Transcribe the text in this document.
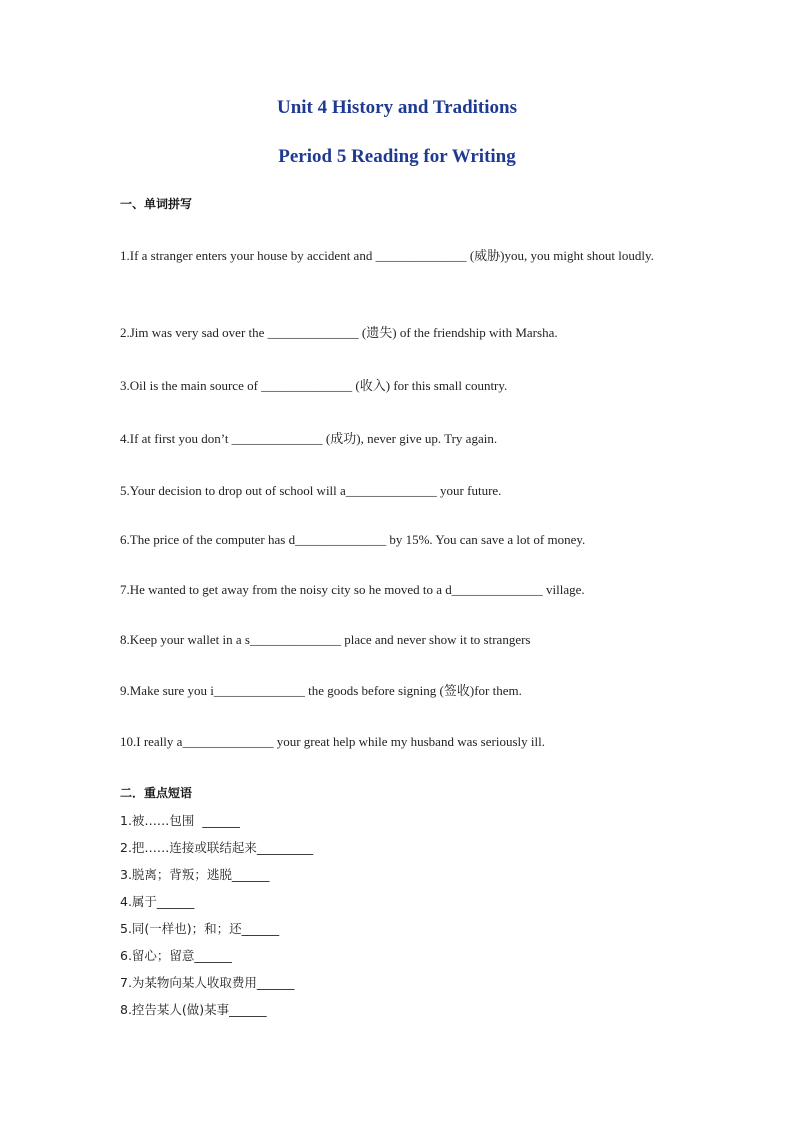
Unit 4 History and Traditions
Period 5 Reading for Writing
一、单词拼写
1.If a stranger enters your house by accident and ______________ (威胁)you, you might shout loudly.
2.Jim was very sad over the ______________ (遗失) of the friendship with Marsha.
3.Oil is the main source of ______________ (收入) for this small country.
4.If at first you don’t ______________ (成功), never give up. Try again.
5.Your decision to drop out of school will a______________ your future.
6.The price of the computer has d______________ by 15%. You can save a lot of money.
7.He wanted to get away from the noisy city so he moved to a d______________ village.
8.Keep your wallet in a s______________ place and never show it to strangers
9.Make sure you i______________ the goods before signing (签收)for them.
10.I really a______________ your great help while my husband was seriously ill.
二．重点短语
1.被……包围  ______
2.把……连接或联结起来_________
3.脱离；背叛；逃脱______
4.属于______
5.同(一样也)；和；还______
6.留心；留意______
7.为某物向某人收取费用______
8.控告某人(做)某事______
